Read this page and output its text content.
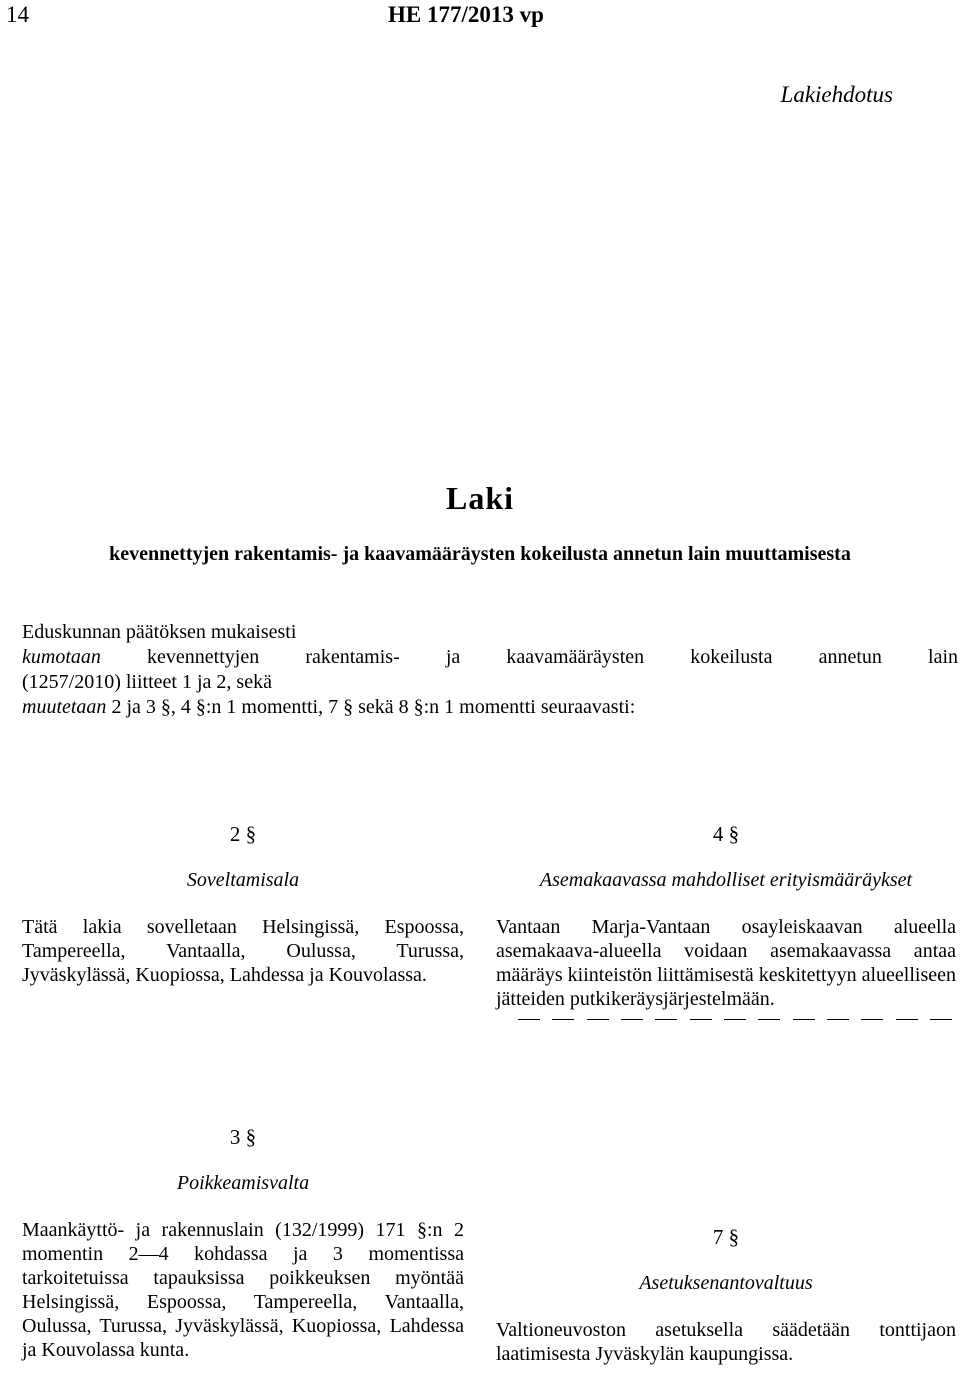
14	HE 177/2013 vp
Lakiehdotus
Laki
kevennettyjen rakentamis- ja kaavamääräysten kokeilusta annetun lain muuttamisesta

Eduskunnan päätöksen mukaisesti

kumotaan kevennettyjen rakentamis- ja kaavamääräysten kokeilusta annetun lain

(1257/2010) liitteet 1 ja 2, sekä

muutetaan 2 ja 3 §, 4 §:n 1 momentti, 7 § sekä 8 §:n 1 momentti seuraavasti:

2 §
Soveltamisala

Tätä lakia sovelletaan Helsingissä, Espoossa, Tampereella, Vantaalla, Oulussa, Turussa, Jyväskylässä, Kuopiossa, Lahdessa ja Kouvolassa.

3 §
Poikkeamisvalta

Maankäyttö- ja rakennuslain (132/1999) 171 §:n 2 momentin 2—4 kohdassa ja 3 momentissa tarkoitetuissa tapauksissa poikkeuksen myöntää Helsingissä, Espoossa, Tampereella, Vantaalla, Oulussa, Turussa, Jyväskylässä, Kuopiossa, Lahdessa ja Kouvolassa kunta.

4 §
Asemakaavassa mahdolliset erityismääräykset

Vantaan Marja-Vantaan osayleiskaavan alueella asemakaava-alueella voidaan asemakaavassa antaa määräys kiinteistön liittämisestä keskitettyyn alueelliseen jätteiden putkikeräysjärjestelmään.

7 §
Asetuksenantovaltuus

Valtioneuvoston asetuksella säädetään tonttijaon laatimisesta Jyväskylän kaupungissa.
